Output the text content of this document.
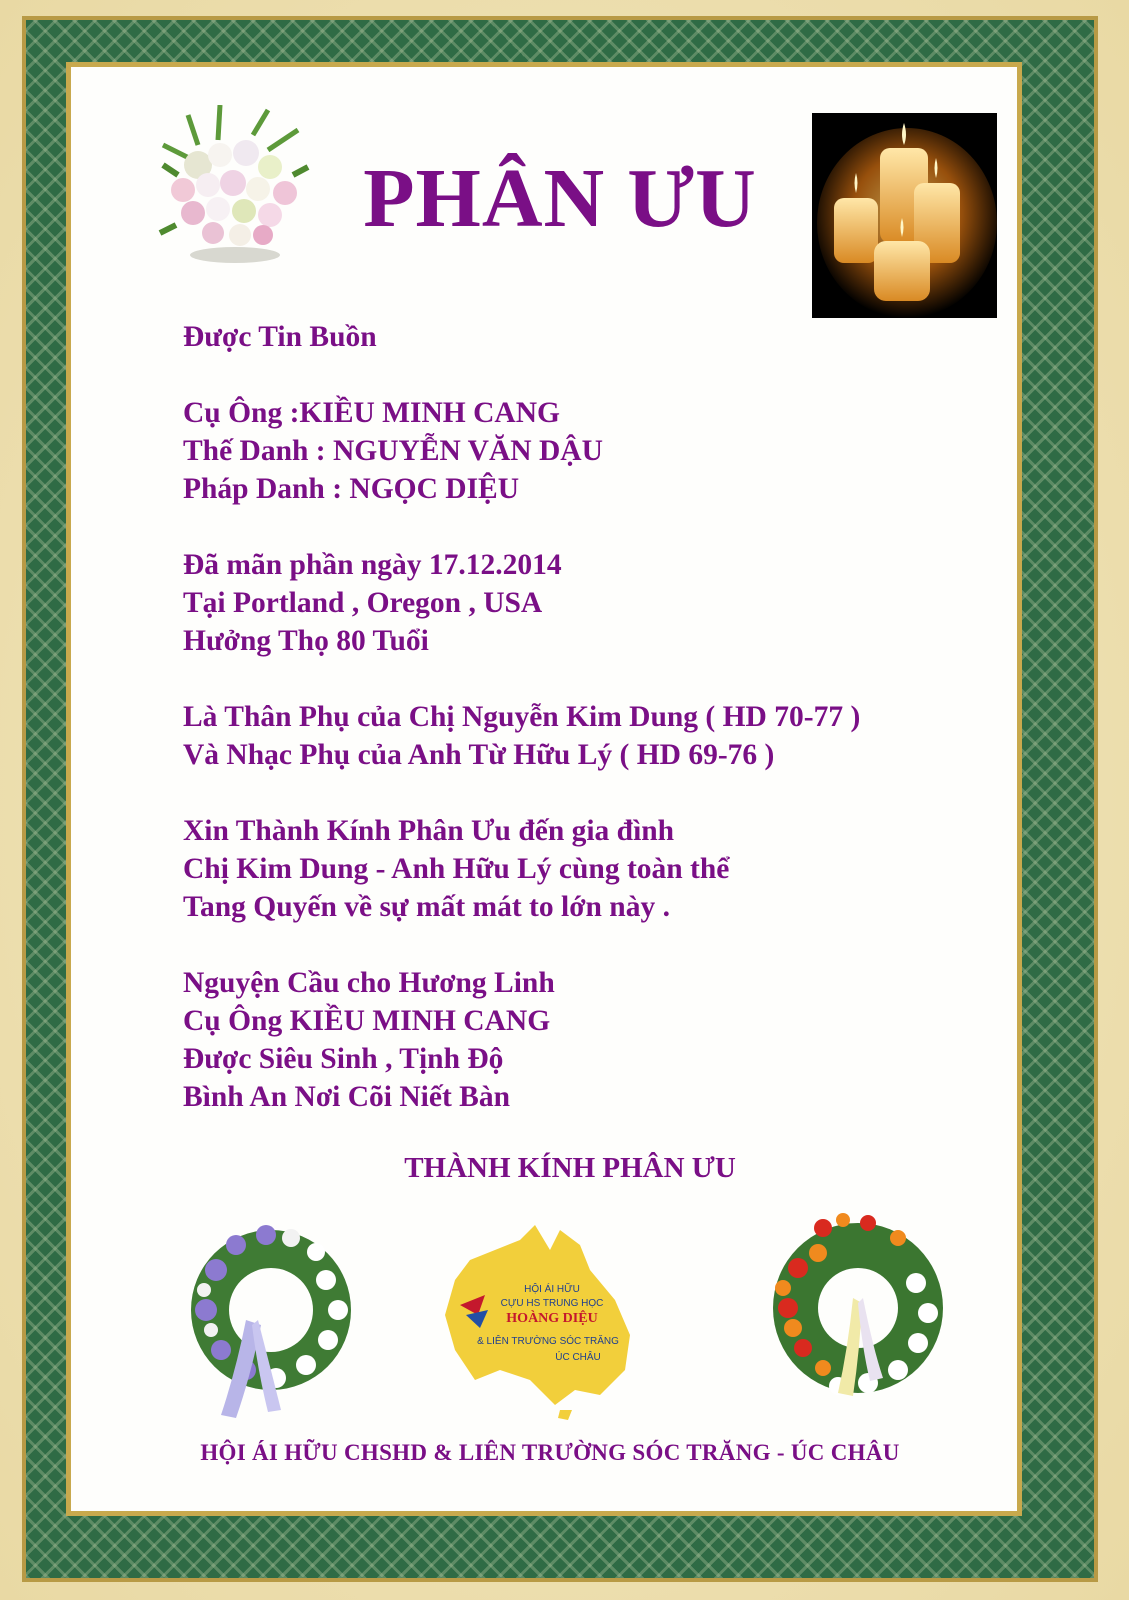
PHÂN ƯU
Được Tin Buồn
Cụ Ông :KIỀU MINH CANG
Thế Danh : NGUYỄN VĂN DẬU
Pháp Danh : NGỌC DIỆU
Đã mãn phần ngày 17.12.2014
Tại Portland , Oregon , USA
Hưởng Thọ 80 Tuổi
Là Thân Phụ của Chị Nguyễn Kim Dung ( HD 70-77 )
Và Nhạc Phụ của Anh Từ Hữu Lý ( HD 69-76 )
Xin Thành Kính Phân Ưu đến gia đình
Chị Kim Dung - Anh Hữu Lý cùng toàn thể
Tang Quyến về sự mất mát to lớn này .
Nguyện Cầu cho Hương Linh
Cụ Ông KIỀU MINH CANG
Được Siêu Sinh , Tịnh Độ
Bình An Nơi Cõi Niết Bàn
THÀNH KÍNH PHÂN ƯU
HỘI ÁI HỮU
CỰU HS TRUNG HỌC
HOÀNG DIỆU
& LIÊN TRƯỜNG SÓC TRĂNG
ÚC CHÂU
HỘI ÁI HỮU CHSHD & LIÊN TRƯỜNG SÓC TRĂNG - ÚC CHÂU
